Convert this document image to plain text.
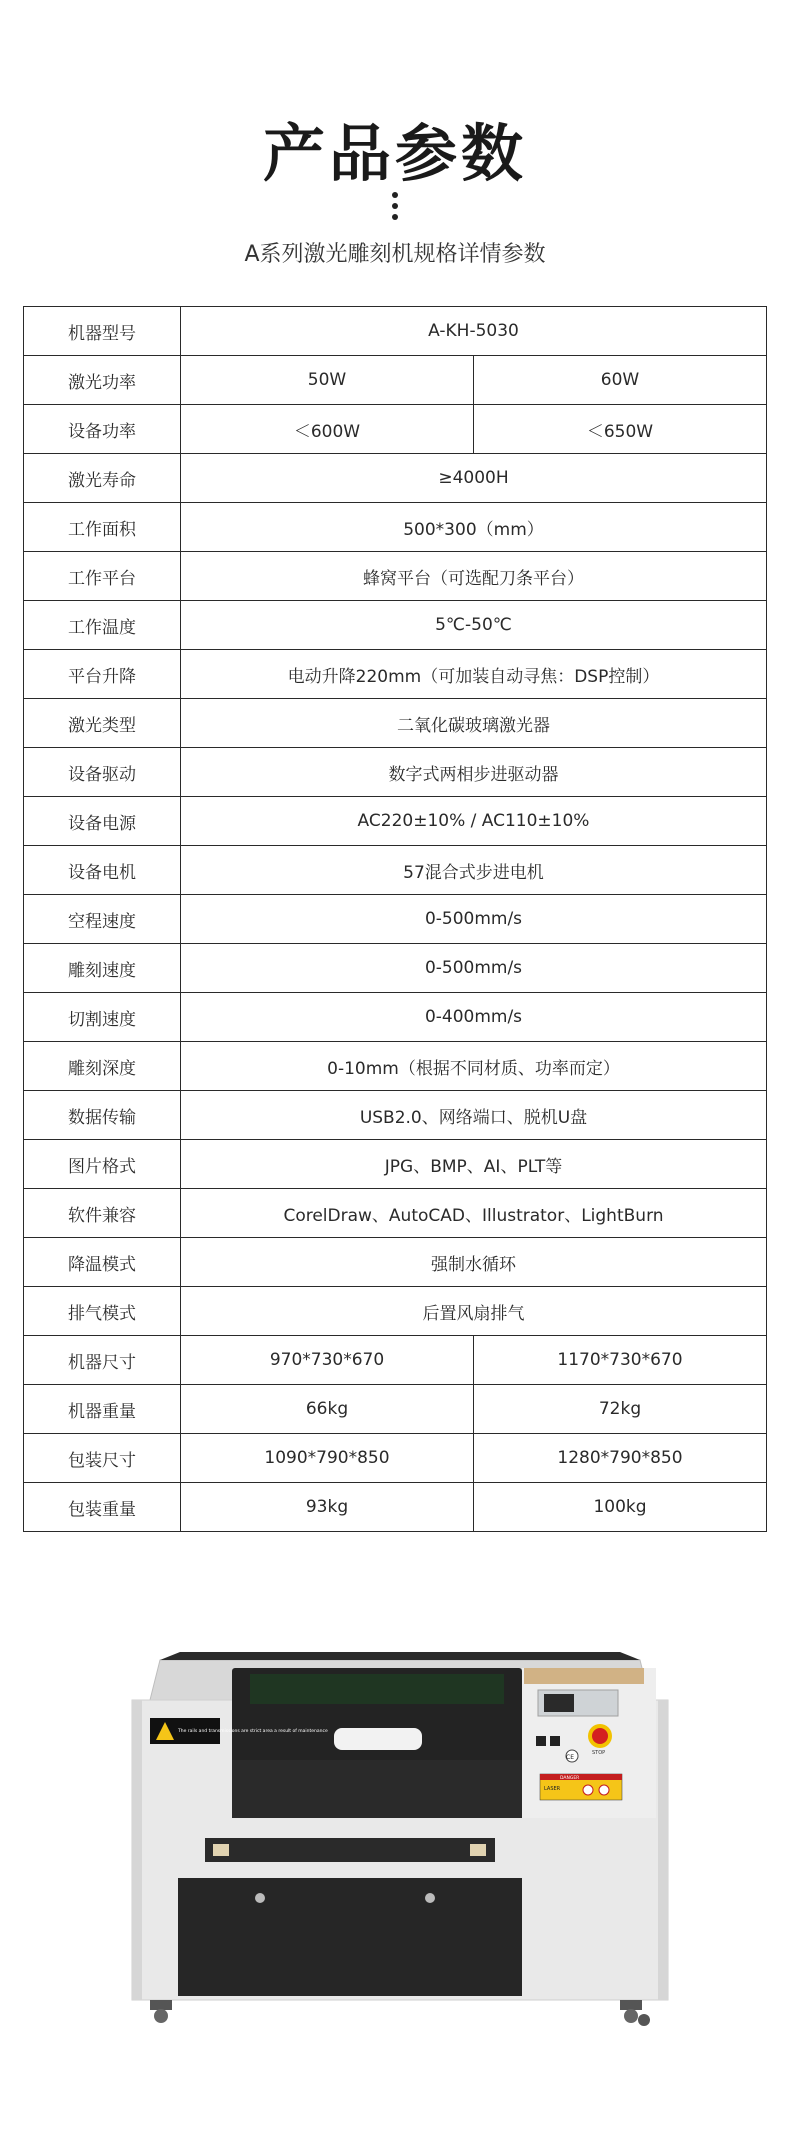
产品参数
A系列激光雕刻机规格详情参数
机器型号	A-KH-5030	
激光功率	50W	60W
设备功率	＜600W	＜650W
激光寿命	≥4000H	
工作面积	500*300（mm）	
工作平台	蜂窝平台（可选配刀条平台）	
工作温度	5℃-50℃	
平台升降	电动升降220mm（可加装自动寻焦：DSP控制）	
激光类型	二氧化碳玻璃激光器	
设备驱动	数字式两相步进驱动器	
设备电源	AC220±10% / AC110±10%	
设备电机	57混合式步进电机	
空程速度	0-500mm/s	
雕刻速度	0-500mm/s	
切割速度	0-400mm/s	
雕刻深度	0-10mm（根据不同材质、功率而定）	
数据传输	USB2.0、网络端口、脱机U盘	
图片格式	JPG、BMP、AI、PLT等	
软件兼容	CorelDraw、AutoCAD、Illustrator、LightBurn	
降温模式	强制水循环	
排气模式	后置风扇排气	
机器尺寸	970*730*670	1170*730*670
机器重量	66kg	72kg
包装尺寸	1090*790*850	1280*790*850
包装重量	93kg	100kg
The rails and transmissions are strict area a result of maintenance
STOP
CE
DANGER
LASER
